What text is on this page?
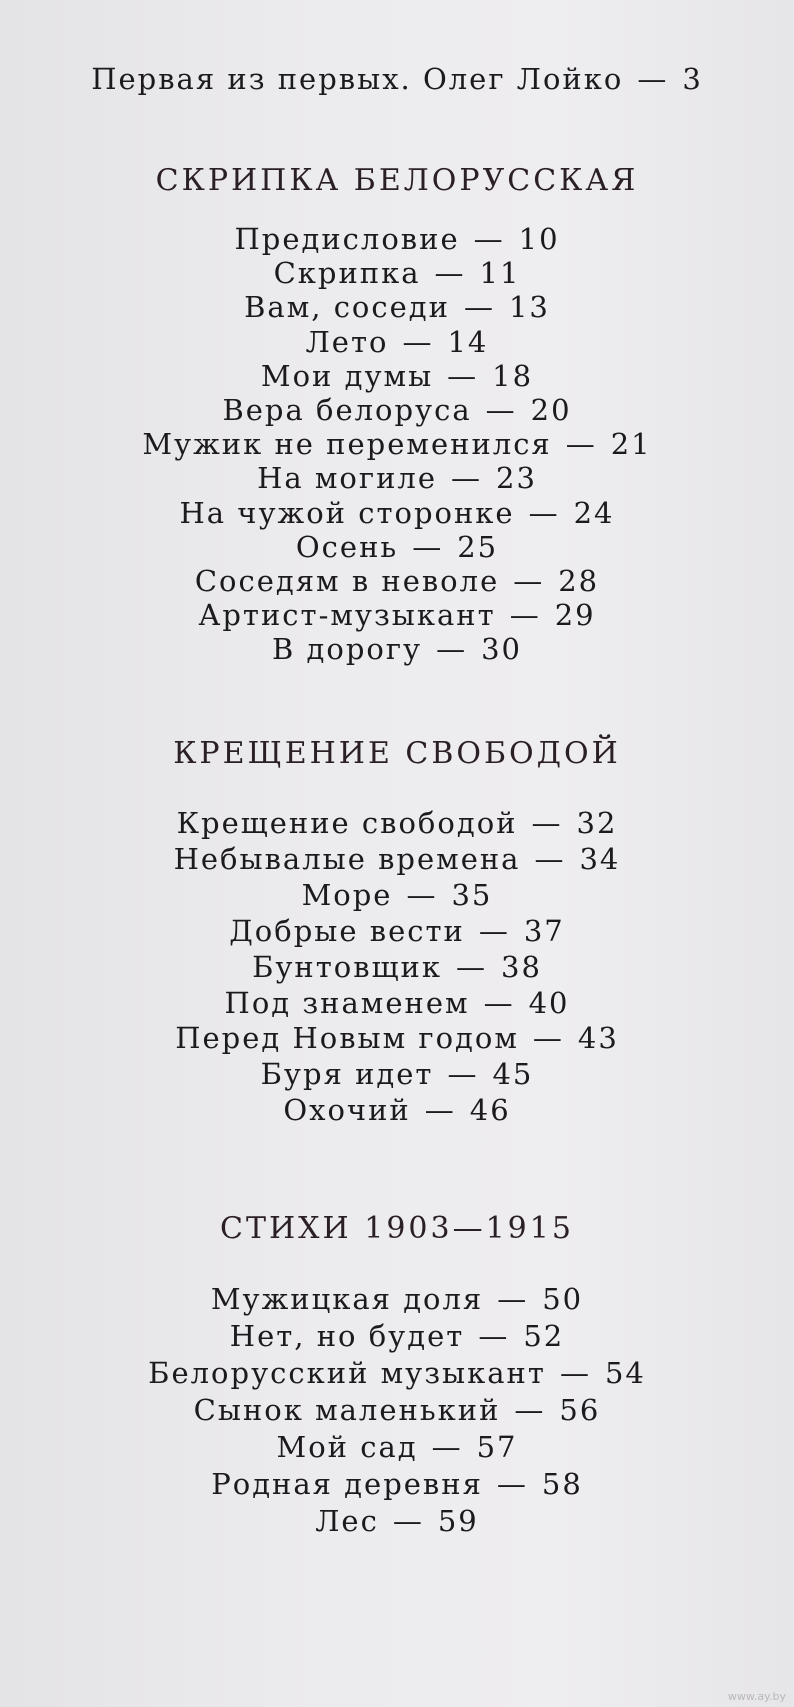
Первая из первых. Олег Лойко — 3
СКРИПКА БЕЛОРУССКАЯ
Предисловие — 10
Скрипка — 11
Вам, соседи — 13
Лето — 14
Мои думы — 18
Вера белоруса — 20
Мужик не переменился — 21
На могиле — 23
На чужой сторонке — 24
Осень — 25
Соседям в неволе — 28
Артист-музыкант — 29
В дорогу — 30
КРЕЩЕНИЕ СВОБОДОЙ
Крещение свободой — 32
Небывалые времена — 34
Море — 35
Добрые вести — 37
Бунтовщик — 38
Под знаменем — 40
Перед Новым годом — 43
Буря идет — 45
Охочий — 46
СТИХИ 1903—1915
Мужицкая доля — 50
Нет, но будет — 52
Белорусский музыкант — 54
Сынок маленький — 56
Мой сад — 57
Родная деревня — 58
Лес — 59
www.ay.by
